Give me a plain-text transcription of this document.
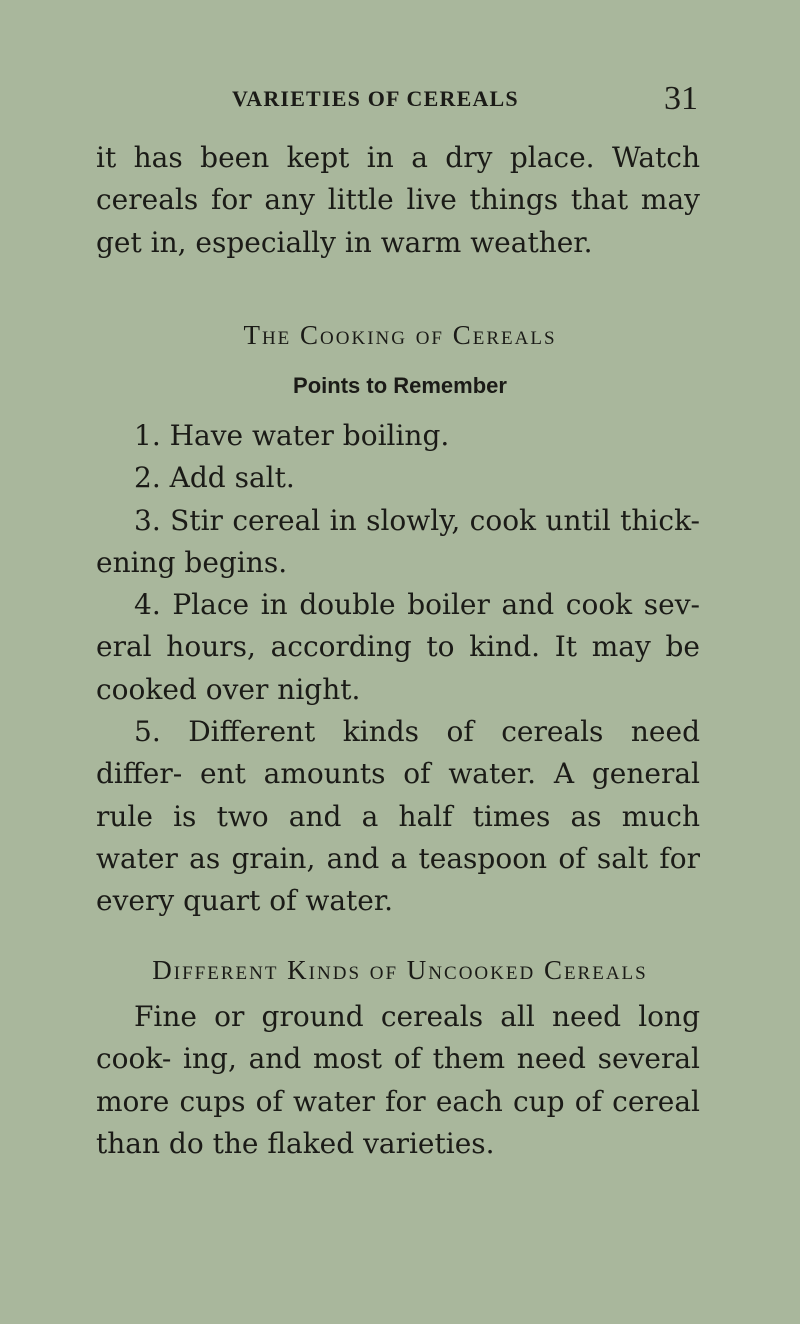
VARIETIES OF CEREALS	31

it has been kept in a dry place. Watch cereals for any little live things that may get in, especially in warm weather.

The Cooking of Cereals
Points to Remember
1. Have water boiling.
2. Add salt.
3. Stir cereal in slowly, cook until thick- ening begins.
4. Place in double boiler and cook sev- eral hours, according to kind. It may be cooked over night.
5. Different kinds of cereals need differ- ent amounts of water. A general rule is two and a half times as much water as grain, and a teaspoon of salt for every quart of water.
Different Kinds of Uncooked Cereals

Fine or ground cereals all need long cook- ing, and most of them need several more cups of water for each cup of cereal than do the flaked varieties.
